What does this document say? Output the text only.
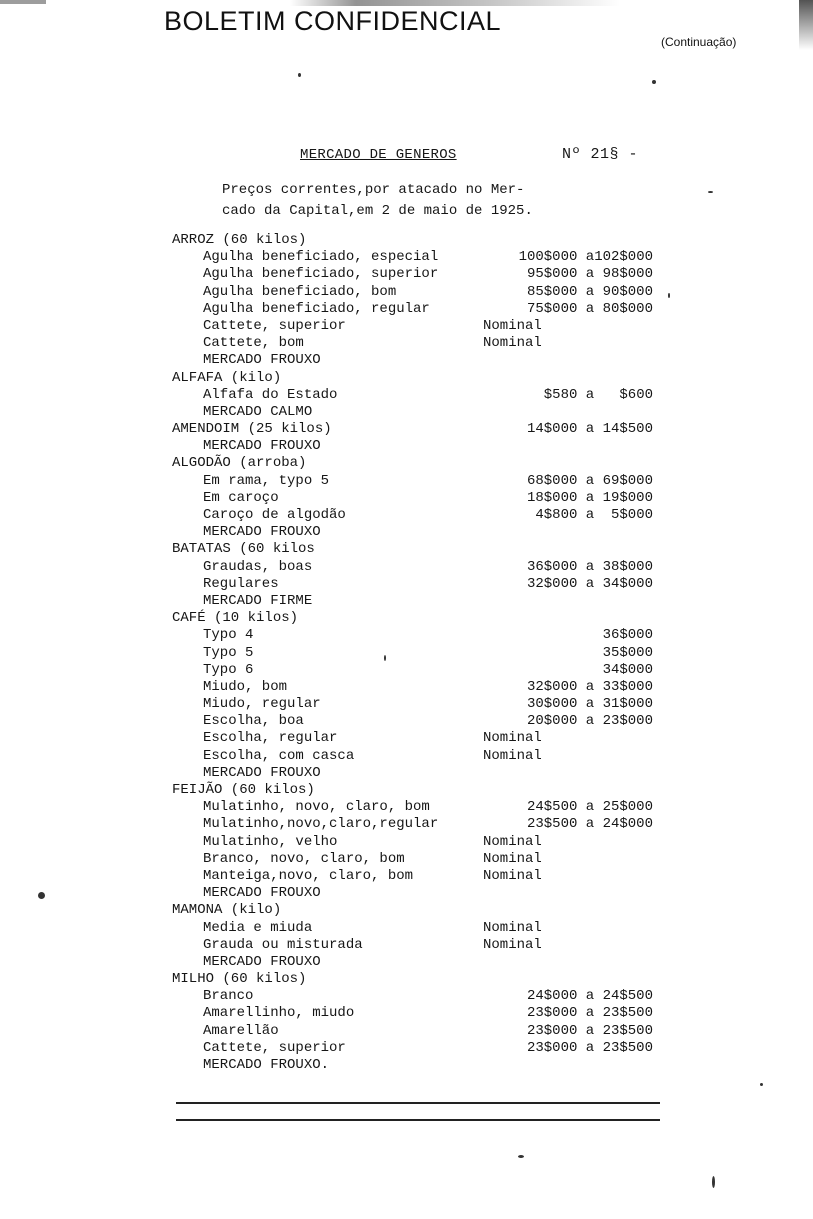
BOLETIM CONFIDENCIAL
(Continuação)
MERCADO DE GENEROS	Nº 21§ -
Preços correntes,por atacado no Mer-
cado da Capital,em 2 de maio de 1925.
ARROZ (60 kilos)
Agulha beneficiado, especial	100$000 a102$000
Agulha beneficiado, superior	95$000 a 98$000
Agulha beneficiado, bom	85$000 a 90$000
Agulha beneficiado, regular	75$000 a 80$000
Cattete, superior	Nominal
Cattete, bom	Nominal
MERCADO FROUXO
ALFAFA (kilo)
Alfafa do Estado	$580 a   $600
MERCADO CALMO
AMENDOIM (25 kilos)	14$000 a 14$500
MERCADO FROUXO
ALGODÃO (arroba)
Em rama, typo 5	68$000 a 69$000
Em caroço	18$000 a 19$000
Caroço de algodão	4$800 a  5$000
MERCADO FROUXO
BATATAS (60 kilos
Graudas, boas	36$000 a 38$000
Regulares	32$000 a 34$000
MERCADO FIRME
CAFÉ (10 kilos)
Typo 4	36$000
Typo 5	35$000
Typo 6	34$000
Miudo, bom	32$000 a 33$000
Miudo, regular	30$000 a 31$000
Escolha, boa	20$000 a 23$000
Escolha, regular	Nominal
Escolha, com casca	Nominal
MERCADO FROUXO
FEIJÃO (60 kilos)
Mulatinho, novo, claro, bom	24$500 a 25$000
Mulatinho,novo,claro,regular	23$500 a 24$000
Mulatinho, velho	Nominal
Branco, novo, claro, bom	Nominal
Manteiga,novo, claro, bom	Nominal
MERCADO FROUXO
MAMONA (kilo)
Media e miuda	Nominal
Grauda ou misturada	Nominal
MERCADO FROUXO
MILHO (60 kilos)
Branco	24$000 a 24$500
Amarellinho, miudo	23$000 a 23$500
Amarellão	23$000 a 23$500
Cattete, superior	23$000 a 23$500
MERCADO FROUXO.
